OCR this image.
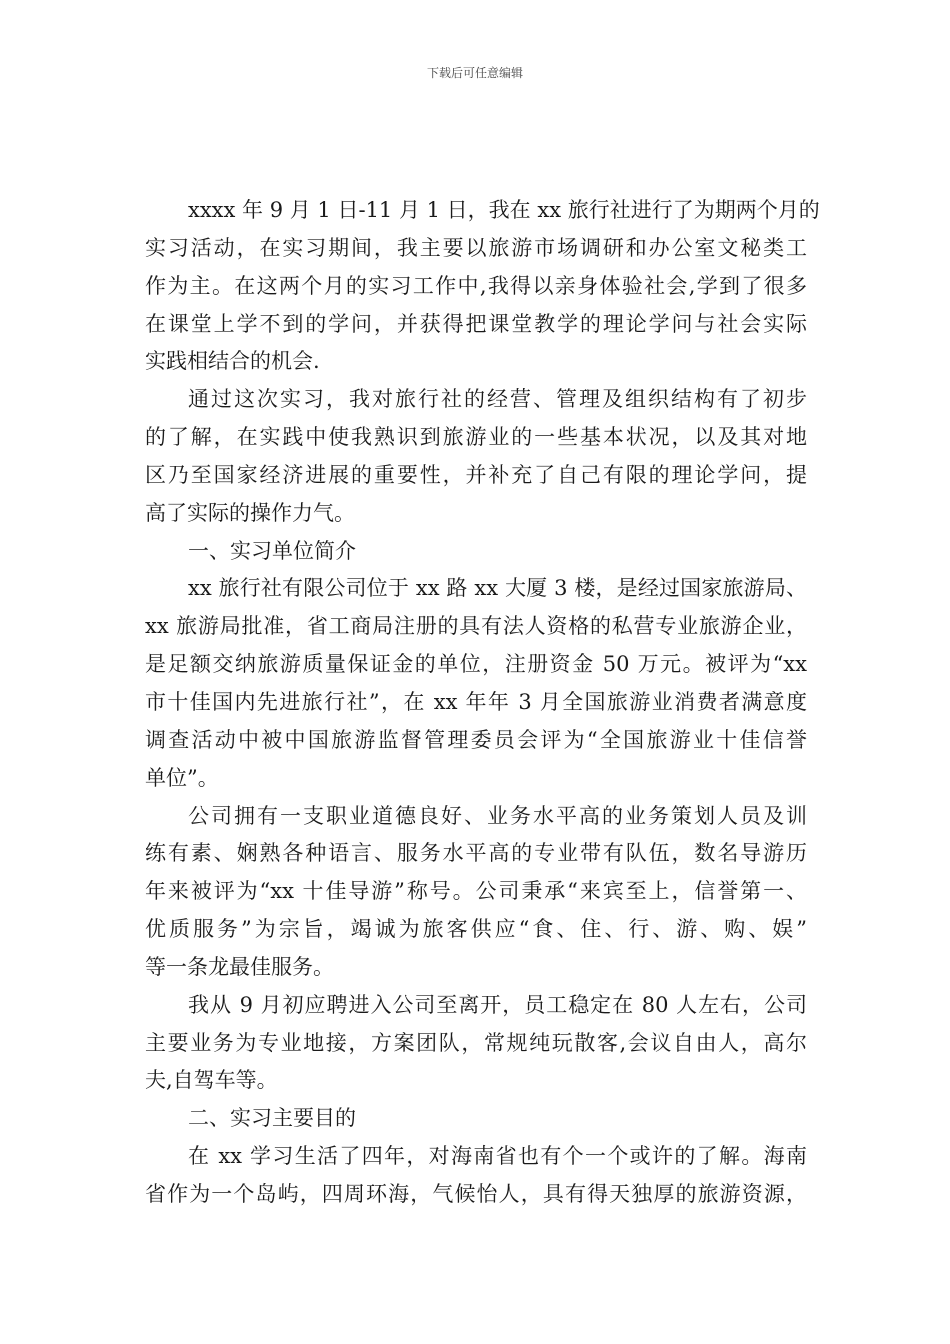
下载后可任意编辑
xxxx 年 9 月 1 日-11 月 1 日，我在 xx 旅行社进行了为期两个月的
实习活动，在实习期间，我主要以旅游市场调研和办公室文秘类工
作为主。在这两个月的实习工作中,我得以亲身体验社会,学到了很多
在课堂上学不到的学问，并获得把课堂教学的理论学问与社会实际
实践相结合的机会.
通过这次实习，我对旅行社的经营、管理及组织结构有了初步
的了解，在实践中使我熟识到旅游业的一些基本状况，以及其对地
区乃至国家经济进展的重要性，并补充了自己有限的理论学问，提
高了实际的操作力气。
一、实习单位简介
xx 旅行社有限公司位于 xx 路 xx 大厦 3 楼，是经过国家旅游局、
xx 旅游局批准，省工商局注册的具有法人资格的私营专业旅游企业，
是足额交纳旅游质量保证金的单位，注册资金 50 万元。被评为“xx
市十佳国内先进旅行社”，在 xx 年年 3 月全国旅游业消费者满意度
调查活动中被中国旅游监督管理委员会评为“全国旅游业十佳信誉
单位”。
公司拥有一支职业道德良好、业务水平高的业务策划人员及训
练有素、娴熟各种语言、服务水平高的专业带有队伍，数名导游历
年来被评为“xx 十佳导游”称号。公司秉承“来宾至上，信誉第一、
优质服务”为宗旨，竭诚为旅客供应“食、住、行、游、购、娱”
等一条龙最佳服务。
我从 9 月初应聘进入公司至离开，员工稳定在 80 人左右，公司
主要业务为专业地接，方案团队，常规纯玩散客,会议自由人，高尔
夫,自驾车等。
二、实习主要目的
在 xx 学习生活了四年，对海南省也有个一个或许的了解。海南
省作为一个岛屿，四周环海，气候怡人，具有得天独厚的旅游资源，
